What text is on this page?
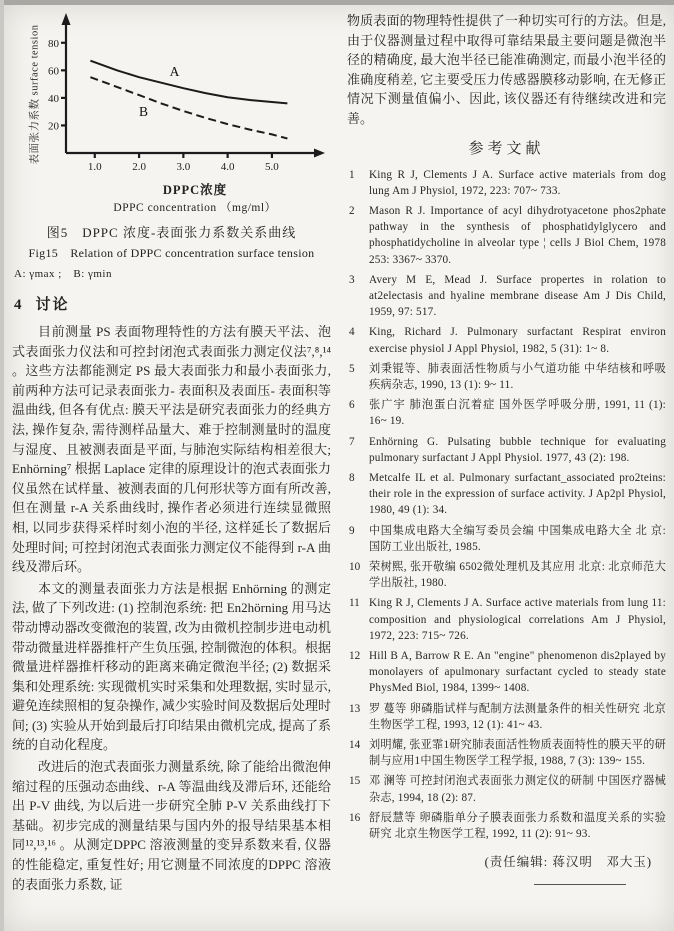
表面张力系数 surface tension 20
40
60
80
1.0	2.0	3.0	4.0	5.0
A
B
DPPC浓度
DPPC concentration （mg/ml）
图5　DPPC 浓度-表面张力系数关系曲线
Fig15　Relation of DPPC concentration surface tension
A: γmax ;　B: γmin
4 讨论

目前测量 PS 表面物理特性的方法有膜天平法、泡式表面张力仪法和可控封闭泡式表面张力测定仪法⁷,⁸,¹⁴ 。这些方法都能测定 PS 最大表面张力和最小表面张力, 前两种方法可记录表面张力- 表面积及表面压- 表面积等温曲线, 但各有优点: 膜天平法是研究表面张力的经典方法, 操作复杂, 需待测样品量大、难于控制测量时的温度与湿度、且被测表面是平面, 与肺泡实际结构相差很大; Enhörning⁷ 根据 Laplace 定律的原理设计的泡式表面张力仪虽然在试样量、被测表面的几何形状等方面有所改善, 但在测量 r-A 关系曲线时, 操作者必须进行连续显微照相, 以同步获得采样时刻小泡的半径, 这样延长了数据后处理时间; 可控封闭泡式表面张力测定仪不能得到 r-A 曲线及滞后环。

本文的测量表面张力方法是根据 Enhörning 的测定法, 做了下列改进: (1) 控制泡系统: 把 En2hörning 用马达带动博动器改变微泡的装置, 改为由微机控制步进电动机带动微量进样器推杆产生负压强, 控制微泡的体积。根据微量进样器推杆移动的距离来确定微泡半径; (2) 数据采集和处理系统: 实现微机实时采集和处理数据, 实时显示, 避免连续照相的复杂操作, 减少实验时间及数据后处理时间; (3) 实验从开始到最后打印结果由微机完成, 提高了系统的自动化程度。

改进后的泡式表面张力测量系统, 除了能给出微泡伸缩过程的压强动态曲线、r-A 等温曲线及滞后环, 还能给出 P-V 曲线, 为以后进一步研究全肺 P-V 关系曲线打下基础。初步完成的测量结果与国内外的报导结果基本相同¹²,¹³,¹⁶ 。从测定DPPC 溶液测量的变异系数来看, 仪器的性能稳定, 重复性好; 用它测量不同浓度的DPPC 溶液的表面张力系数, 证

物质表面的物理特性提供了一种切实可行的方法。但是, 由于仪器测量过程中取得可靠结果最主要问题是微泡半径的精确度, 最大泡半径已能准确测定, 而最小泡半径的准确度稍差, 它主要受压力传感器膜移动影响, 在无修正情况下测量值偏小、因此, 该仪器还有待继续改进和完善。

参考文献
1	King R J, Clements J A. Surface active materials from dog lung Am J Physiol, 1972, 223: 707~ 733.
2	Mason R J. Importance of acyl dihydrotyacetone phos2phate pathway in the synthesis of phosphatidylglycero and phosphatidycholine in alveolar type ¦ cells J Biol Chem, 1978 253: 3367~ 3370.
3	Avery M E, Mead J. Surface propertes in rolation to at2electasis and hyaline membrane disease Am J Dis Child, 1959, 97: 517.
4	King, Richard J. Pulmonary surfactant Respirat environ exercise physiol J Appl Physiol, 1982, 5 (31): 1~ 8.
5	刘秉锟等、肺表面活性物质与小气道功能 中华结核和呼吸疾病杂志, 1990, 13 (1): 9~ 11.
6	张广宇 肺泡蛋白沉着症 国外医学呼吸分册, 1991, 11 (1): 16~ 19.
7	Enhörning G. Pulsating bubble technique for evaluating pulmonary surfactant J Appl Physiol. 1977, 43 (2): 198.
8	Metcalfe IL et al. Pulmonary surfactant_associated pro2teins: their role in the expression of surface activity. J Ap2pl Physiol, 1980, 49 (1): 34.
9	中国集成电路大全编写委员会编 中国集成电路大全 北 京: 国防工业出版社, 1985.
10 荣树熙, 张开敬编 6502微处理机及其应用 北京: 北京师范大学出版社, 1980.
11 King R J, Clements J A. Surface active materials from lung 11: composition and physiological correlations Am J Physiol, 1972, 223: 715~ 726.
12 Hill B A, Barrow R E. An "engine" phenomenon dis2played by monolayers of apulmonary surfactant cycled to steady state PhysMed Biol, 1984, 1399~ 1408.
13 罗 蔓等 卵磷脂试样与配制方法测量条件的相关性研究 北京生物医学工程, 1993, 12 (1): 41~ 43.
14 刘明耀, 张亚霏1研究肺表面活性物质表面特性的膜天平的研制与应用1中国生物医学工程学报, 1988, 7 (3): 139~ 155.
15 邓 澜等 可控封闭泡式表面张力测定仪的研制 中国医疗器械杂志, 1994, 18 (2): 87.
16 舒辰慧等 卵磷脂单分子膜表面张力系数和温度关系的实验研究 北京生物医学工程, 1992, 11 (2): 91~ 93.
(责任编辑: 蒋汉明　邓大玉)
